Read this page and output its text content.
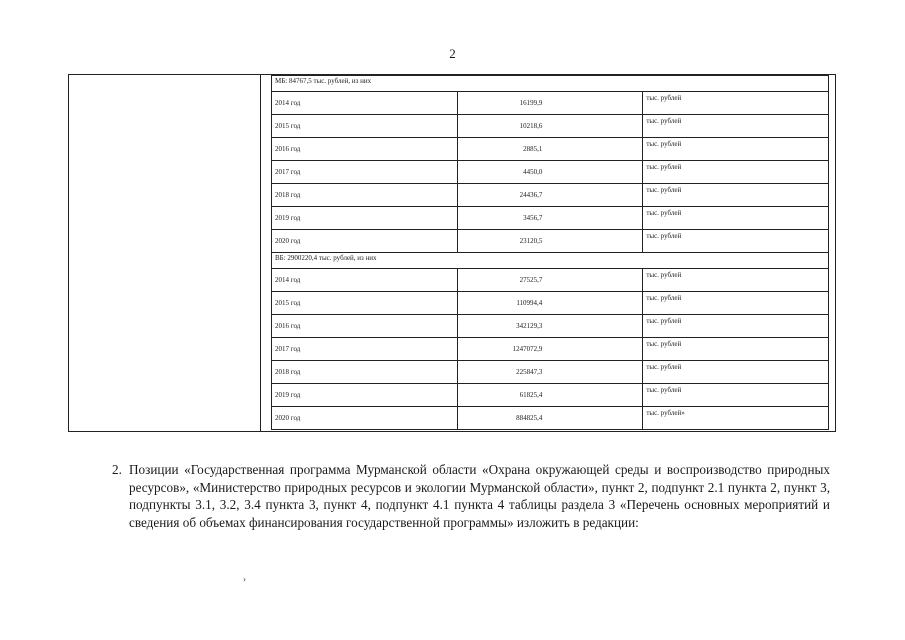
2
МБ: 84767,5 тыс. рублей, из них		
2014 год	16199,9	тыс. рублей
2015 год	10218,6	тыс. рублей
2016 год	2885,1	тыс. рублей
2017 год	4450,0	тыс. рублей
2018 год	24436,7	тыс. рублей
2019 год	3456,7	тыс. рублей
2020 год	23120,5	тыс. рублей
ВБ: 2900220,4 тыс. рублей, из них		
2014 год	27525,7	тыс. рублей
2015 год	110994,4	тыс. рублей
2016 год	342129,3	тыс. рублей
2017 год	1247072,9	тыс. рублей
2018 год	225847,3	тыс. рублей
2019 год	61825,4	тыс. рублей
2020 год	884825,4	тыс. рублей»
2. Позиции «Государственная программа Мурманской области «Охрана окружающей среды и воспроизводство природных ресурсов», «Министерство природных ресурсов и экологии Мурманской области», пункт 2, подпункт 2.1 пункта 2, пункт 3, подпункты 3.1, 3.2, 3.4 пункта 3, пункт 4, подпункт 4.1 пункта 4 таблицы раздела 3 «Перечень основных мероприятий и сведения об объемах финансирования государственной программы» изложить в редакции:
›
